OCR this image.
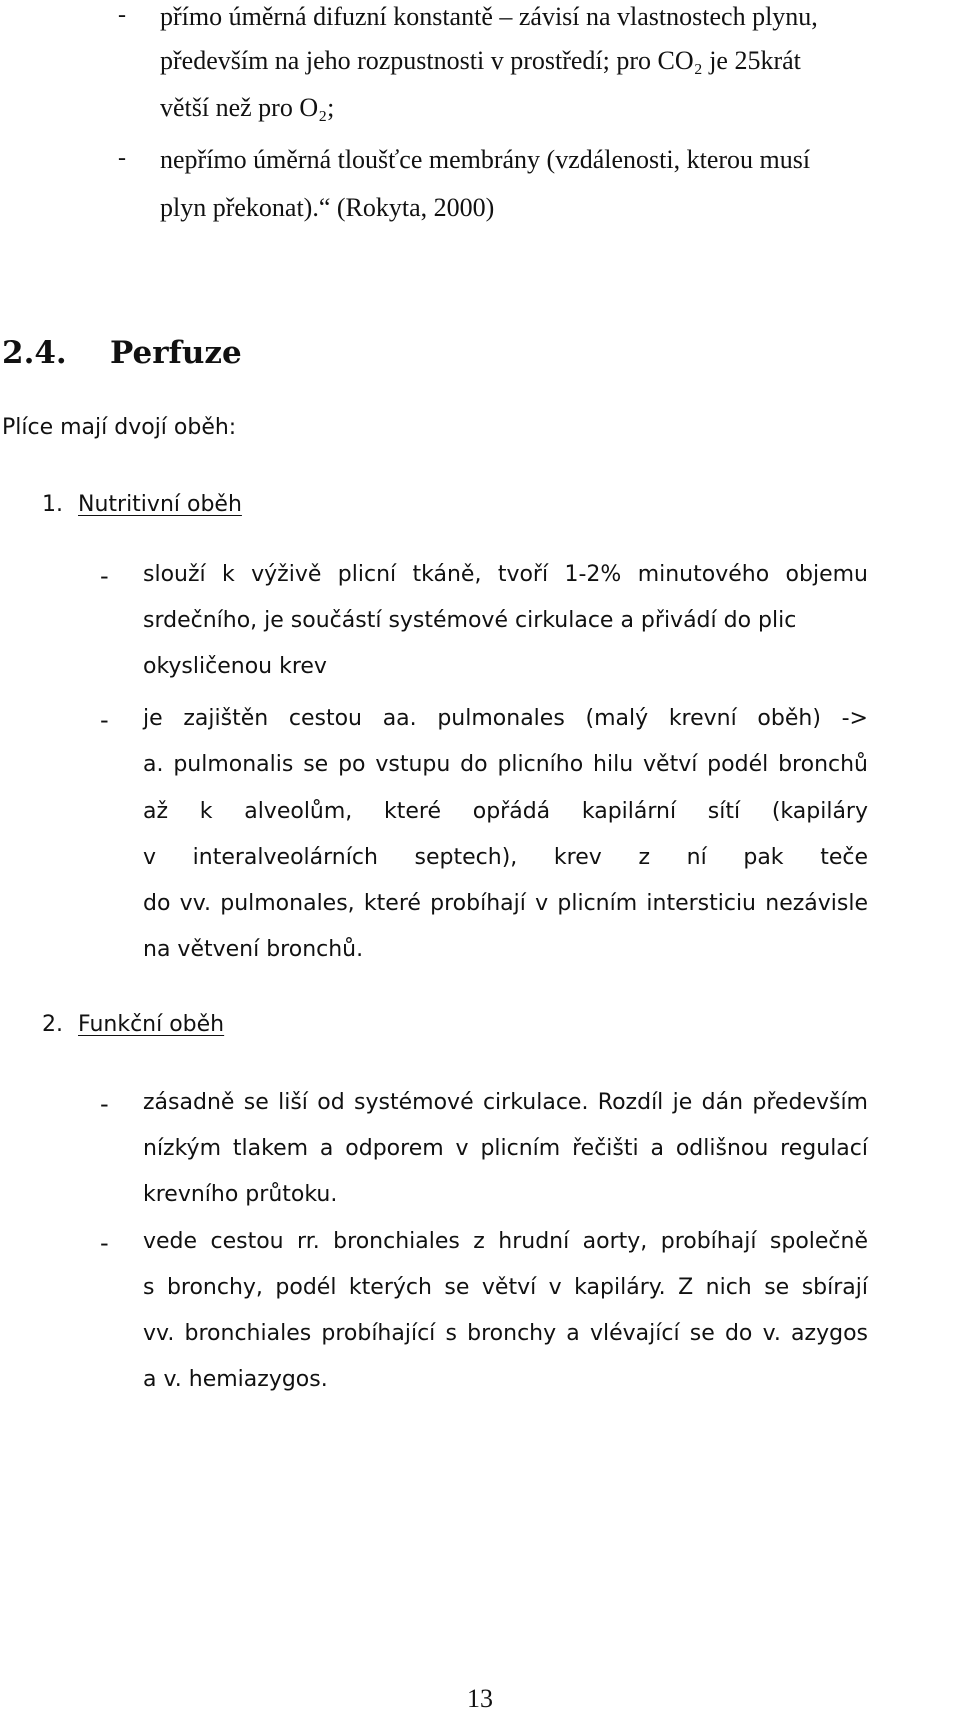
- přímo úměrná difuzní konstantě – závisí na vlastnostech plynu,
především na jeho rozpustnosti v prostředí; pro CO₂ je 25krát
větší než pro O₂;
- nepřímo úměrná tloušťce membrány (vzdálenosti, kterou musí
plyn překonat).“ (Rokyta, 2000)
2.4. Perfuze
Plíce mají dvojí oběh:
1. Nutritivní oběh
- slouží k výživě plicní tkáně, tvoří 1-2% minutového objemu
srdečního, je součástí systémové cirkulace a přivádí do plic
okysličenou krev
- je zajištěn cestou aa. pulmonales (malý krevní oběh) ->
a. pulmonalis se po vstupu do plicního hilu větví podél bronchů
až k alveolům, které opřádá kapilární sítí (kapiláry
v interalveolárních septech), krev z ní pak teče
do vv. pulmonales, které probíhají v plicním intersticiu nezávisle
na větvení bronchů.
2. Funkční oběh
- zásadně se liší od systémové cirkulace. Rozdíl je dán především
nízkým tlakem a odporem v plicním řečišti a odlišnou regulací
krevního průtoku.
- vede cestou rr. bronchiales z hrudní aorty, probíhají společně
s bronchy, podél kterých se větví v kapiláry. Z nich se sbírají
vv. bronchiales probíhající s bronchy a vlévající se do v. azygos
a v. hemiazygos.
13
